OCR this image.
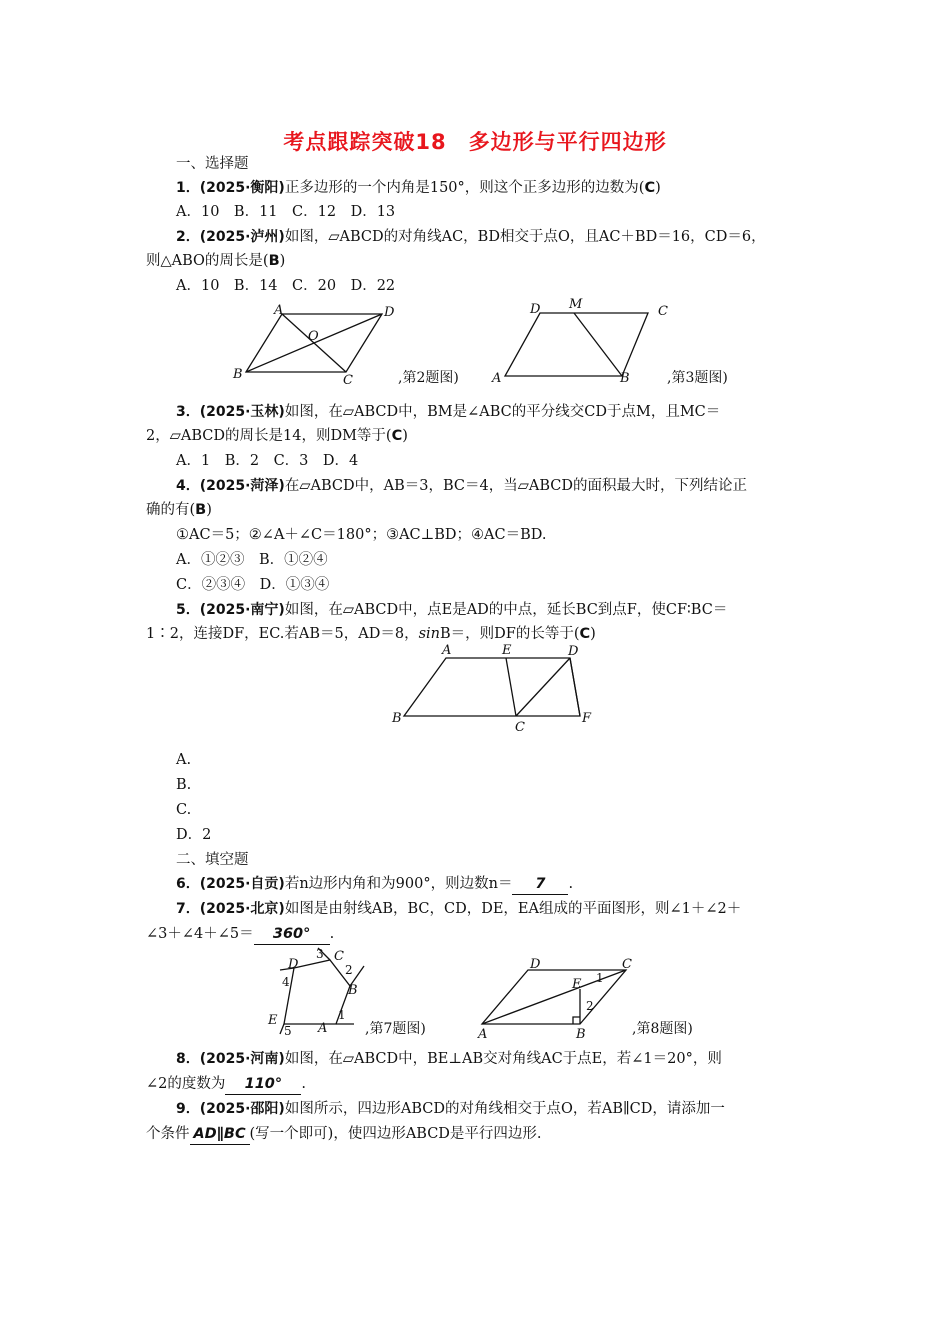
考点跟踪突破18　多边形与平行四边形
一、选择题
1．(2025·衡阳)正多边形的一个内角是150°，则这个正多边形的边数为(C)
A．10　B．11　C．12　D．13
2．(2025·泸州)如图，▱ABCD的对角线AC，BD相交于点O，且AC＋BD＝16，CD＝6，
则△ABO的周长是(B)
A．10　B．14　C．20　D．22
A	D
B	C
O
,第2题图)
D M	C
A	B	,第3题图)
3．(2025·玉林)如图，在▱ABCD中，BM是∠ABC的平分线交CD于点M，且MC＝
2，▱ABCD的周长是14，则DM等于(C)
A．1　B．2　C．3　D．4
4．(2025·菏泽)在▱ABCD中，AB＝3，BC＝4，当▱ABCD的面积最大时，下列结论正
确的有(B)
①AC＝5；②∠A＋∠C＝180°；③AC⊥BD；④AC＝BD.
A．①②③　B．①②④
C．②③④　D．①③④
5．(2025·南宁)如图，在▱ABCD中，点E是AD的中点，延长BC到点F，使CF∶BC＝
1∶2，连接DF，EC.若AB＝5，AD＝8，sinB＝，则DF的长等于(C)
A	E	D
B
C
F
A.
B.
C.
D．2
二、填空题
6．(2025·自贡)若n边形内角和为900°，则边数n＝ 7 .
7．(2025·北京)如图是由射线AB，BC，CD，DE，EA组成的平面图形，则∠1＋∠2＋
∠3＋∠4＋∠5＝ 360° .
D
C
B
A
E
3
2
4
5
1
,第7题图)
D	C
E
A	B
1
2
,第8题图)
8．(2025·河南)如图，在▱ABCD中，BE⊥AB交对角线AC于点E，若∠1＝20°，则
∠2的度数为 110° .
9．(2025·邵阳)如图所示，四边形ABCD的对角线相交于点O，若AB∥CD，请添加一
个条件 AD∥BC (写一个即可)，使四边形ABCD是平行四边形.
